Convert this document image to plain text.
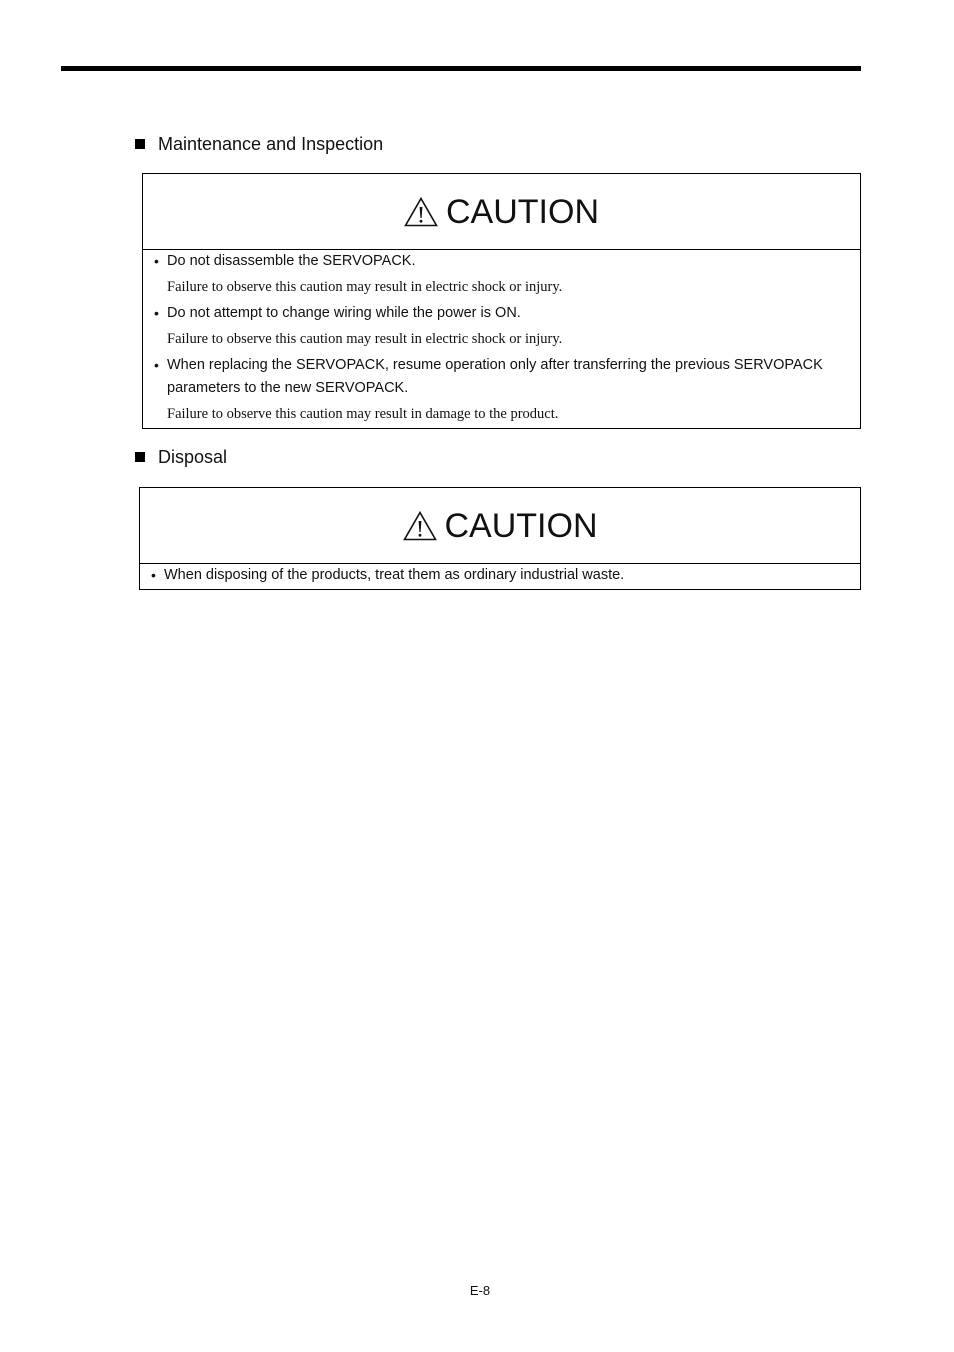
Maintenance and Inspection
CAUTION
• Do not disassemble the SERVOPACK.
Failure to observe this caution may result in electric shock or injury.
• Do not attempt to change wiring while the power is ON.
Failure to observe this caution may result in electric shock or injury.
• When replacing the SERVOPACK, resume operation only after transferring the previous SERVOPACK parameters to the new SERVOPACK.
Failure to observe this caution may result in damage to the product.
Disposal
CAUTION
• When disposing of the products, treat them as ordinary industrial waste.
E-8
